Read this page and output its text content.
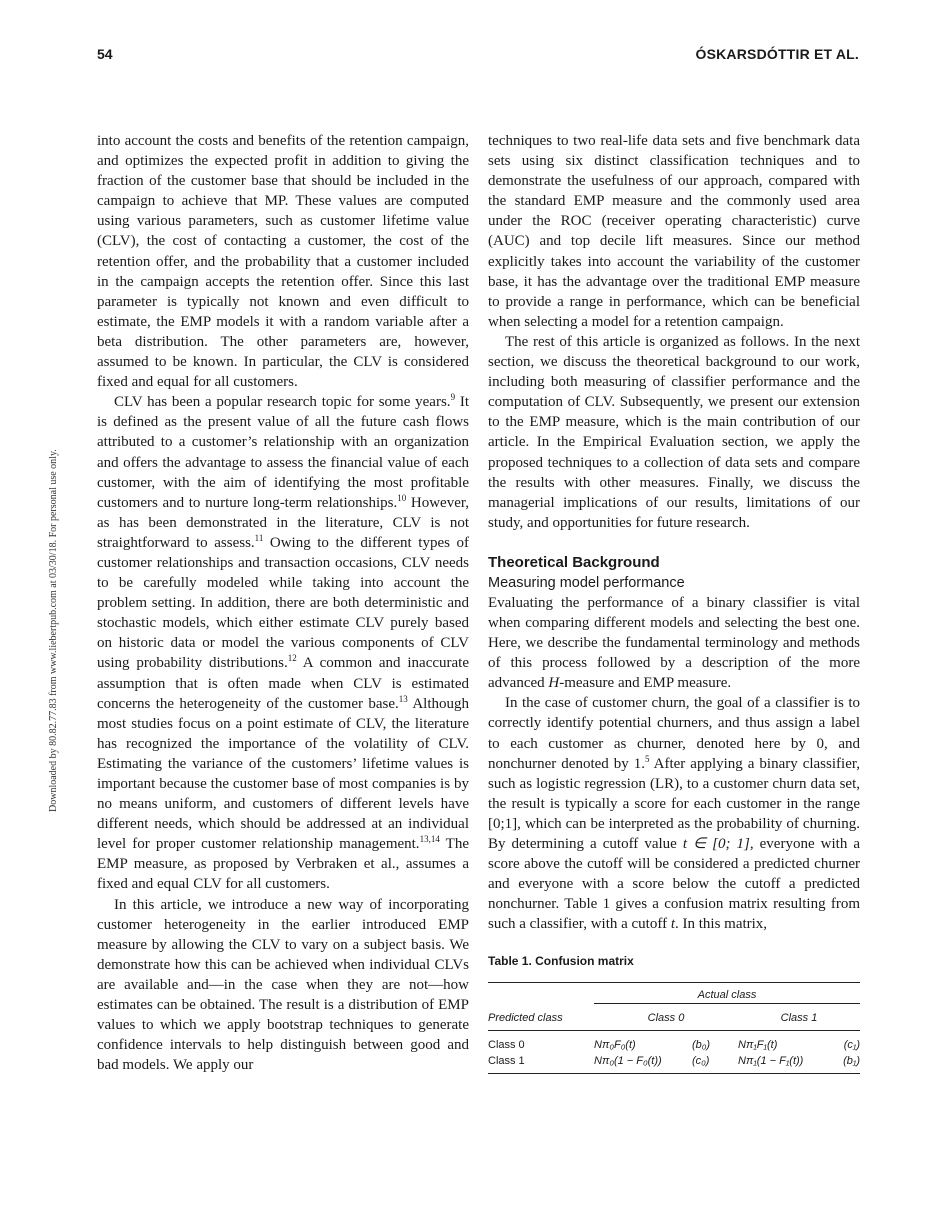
54	ÓSKARSDÓTTIR ET AL.
Downloaded by 80.82.77.83 from www.liebertpub.com at 03/30/18. For personal use only.

into account the costs and benefits of the retention campaign, and optimizes the expected profit in addition to giving the fraction of the customer base that should be included in the campaign to achieve that MP. These values are computed using various parameters, such as customer lifetime value (CLV), the cost of contacting a customer, the cost of the retention offer, and the probability that a customer included in the campaign accepts the retention offer. Since this last parameter is typically not known and even difficult to estimate, the EMP models it with a random variable after a beta distribution. The other parameters are, however, assumed to be known. In particular, the CLV is considered fixed and equal for all customers.

CLV has been a popular research topic for some years.$^9$ It is defined as the present value of all the future cash flows attributed to a customer’s relationship with an organization and offers the advantage to assess the financial value of each customer, with the aim of identifying the most profitable customers and to nurture long-term relationships.$^{10}$ However, as has been demonstrated in the literature, CLV is not straightforward to assess.$^{11}$ Owing to the different types of customer relationships and transaction occasions, CLV needs to be carefully modeled while taking into account the problem setting. In addition, there are both deterministic and stochastic models, which either estimate CLV purely based on historic data or model the various components of CLV using probability distributions.$^{12}$ A common and inaccurate assumption that is often made when CLV is estimated concerns the heterogeneity of the customer base.$^{13}$ Although most studies focus on a point estimate of CLV, the literature has recognized the importance of the volatility of CLV. Estimating the variance of the customers’ lifetime values is important because the customer base of most companies is by no means uniform, and customers of different levels have different needs, which should be addressed at an individual level for proper customer relationship management.$^{13,14}$ The EMP measure, as proposed by Verbraken et al., assumes a fixed and equal CLV for all customers.

In this article, we introduce a new way of incorporating customer heterogeneity in the earlier introduced EMP measure by allowing the CLV to vary on a subject basis. We demonstrate how this can be achieved when individual CLVs are available and—in the case when they are not—how estimates can be obtained. The result is a distribution of EMP values to which we apply bootstrap techniques to generate confidence intervals to help distinguish between good and bad models. We apply our

techniques to two real-life data sets and five benchmark data sets using six distinct classification techniques and to demonstrate the usefulness of our approach, compared with the standard EMP measure and the commonly used area under the ROC (receiver operating characteristic) curve (AUC) and top decile lift measures. Since our method explicitly takes into account the variability of the customer base, it has the advantage over the traditional EMP measure to provide a range in performance, which can be beneficial when selecting a model for a retention campaign.

The rest of this article is organized as follows. In the next section, we discuss the theoretical background to our work, including both measuring of classifier performance and the computation of CLV. Subsequently, we present our extension to the EMP measure, which is the main contribution of our article. In the Empirical Evaluation section, we apply the proposed techniques to a collection of data sets and compare the results with other measures. Finally, we discuss the managerial implications of our results, limitations of our study, and opportunities for future research.

Theoretical Background
Measuring model performance

Evaluating the performance of a binary classifier is vital when comparing different models and selecting the best one. Here, we describe the fundamental terminology and methods of this process followed by a description of the more advanced H-measure and EMP measure.

In the case of customer churn, the goal of a classifier is to correctly identify potential churners, and thus assign a label to each customer as churner, denoted here by 0, and nonchurner denoted by 1.$^5$ After applying a binary classifier, such as logistic regression (LR), to a customer churn data set, the result is typically a score for each customer in the range [0;1], which can be interpreted as the probability of churning. By determining a cutoff value t ∈ [0; 1], everyone with a score above the cutoff will be considered a predicted churner and everyone with a score below the cutoff a predicted nonchurner. Table 1 gives a confusion matrix resulting from such a classifier, with a cutoff t. In this matrix,

Table 1. Confusion matrix
	Actual class			
Predicted class	Class 0		Class 1	
Class 0	Nπ₀F₀(t)	(b₀)	Nπ₁F₁(t)	(c₁)
Class 1	Nπ₀(1 − F₀(t))	(c₀)	Nπ₁(1 − F₁(t))	(b₁)
